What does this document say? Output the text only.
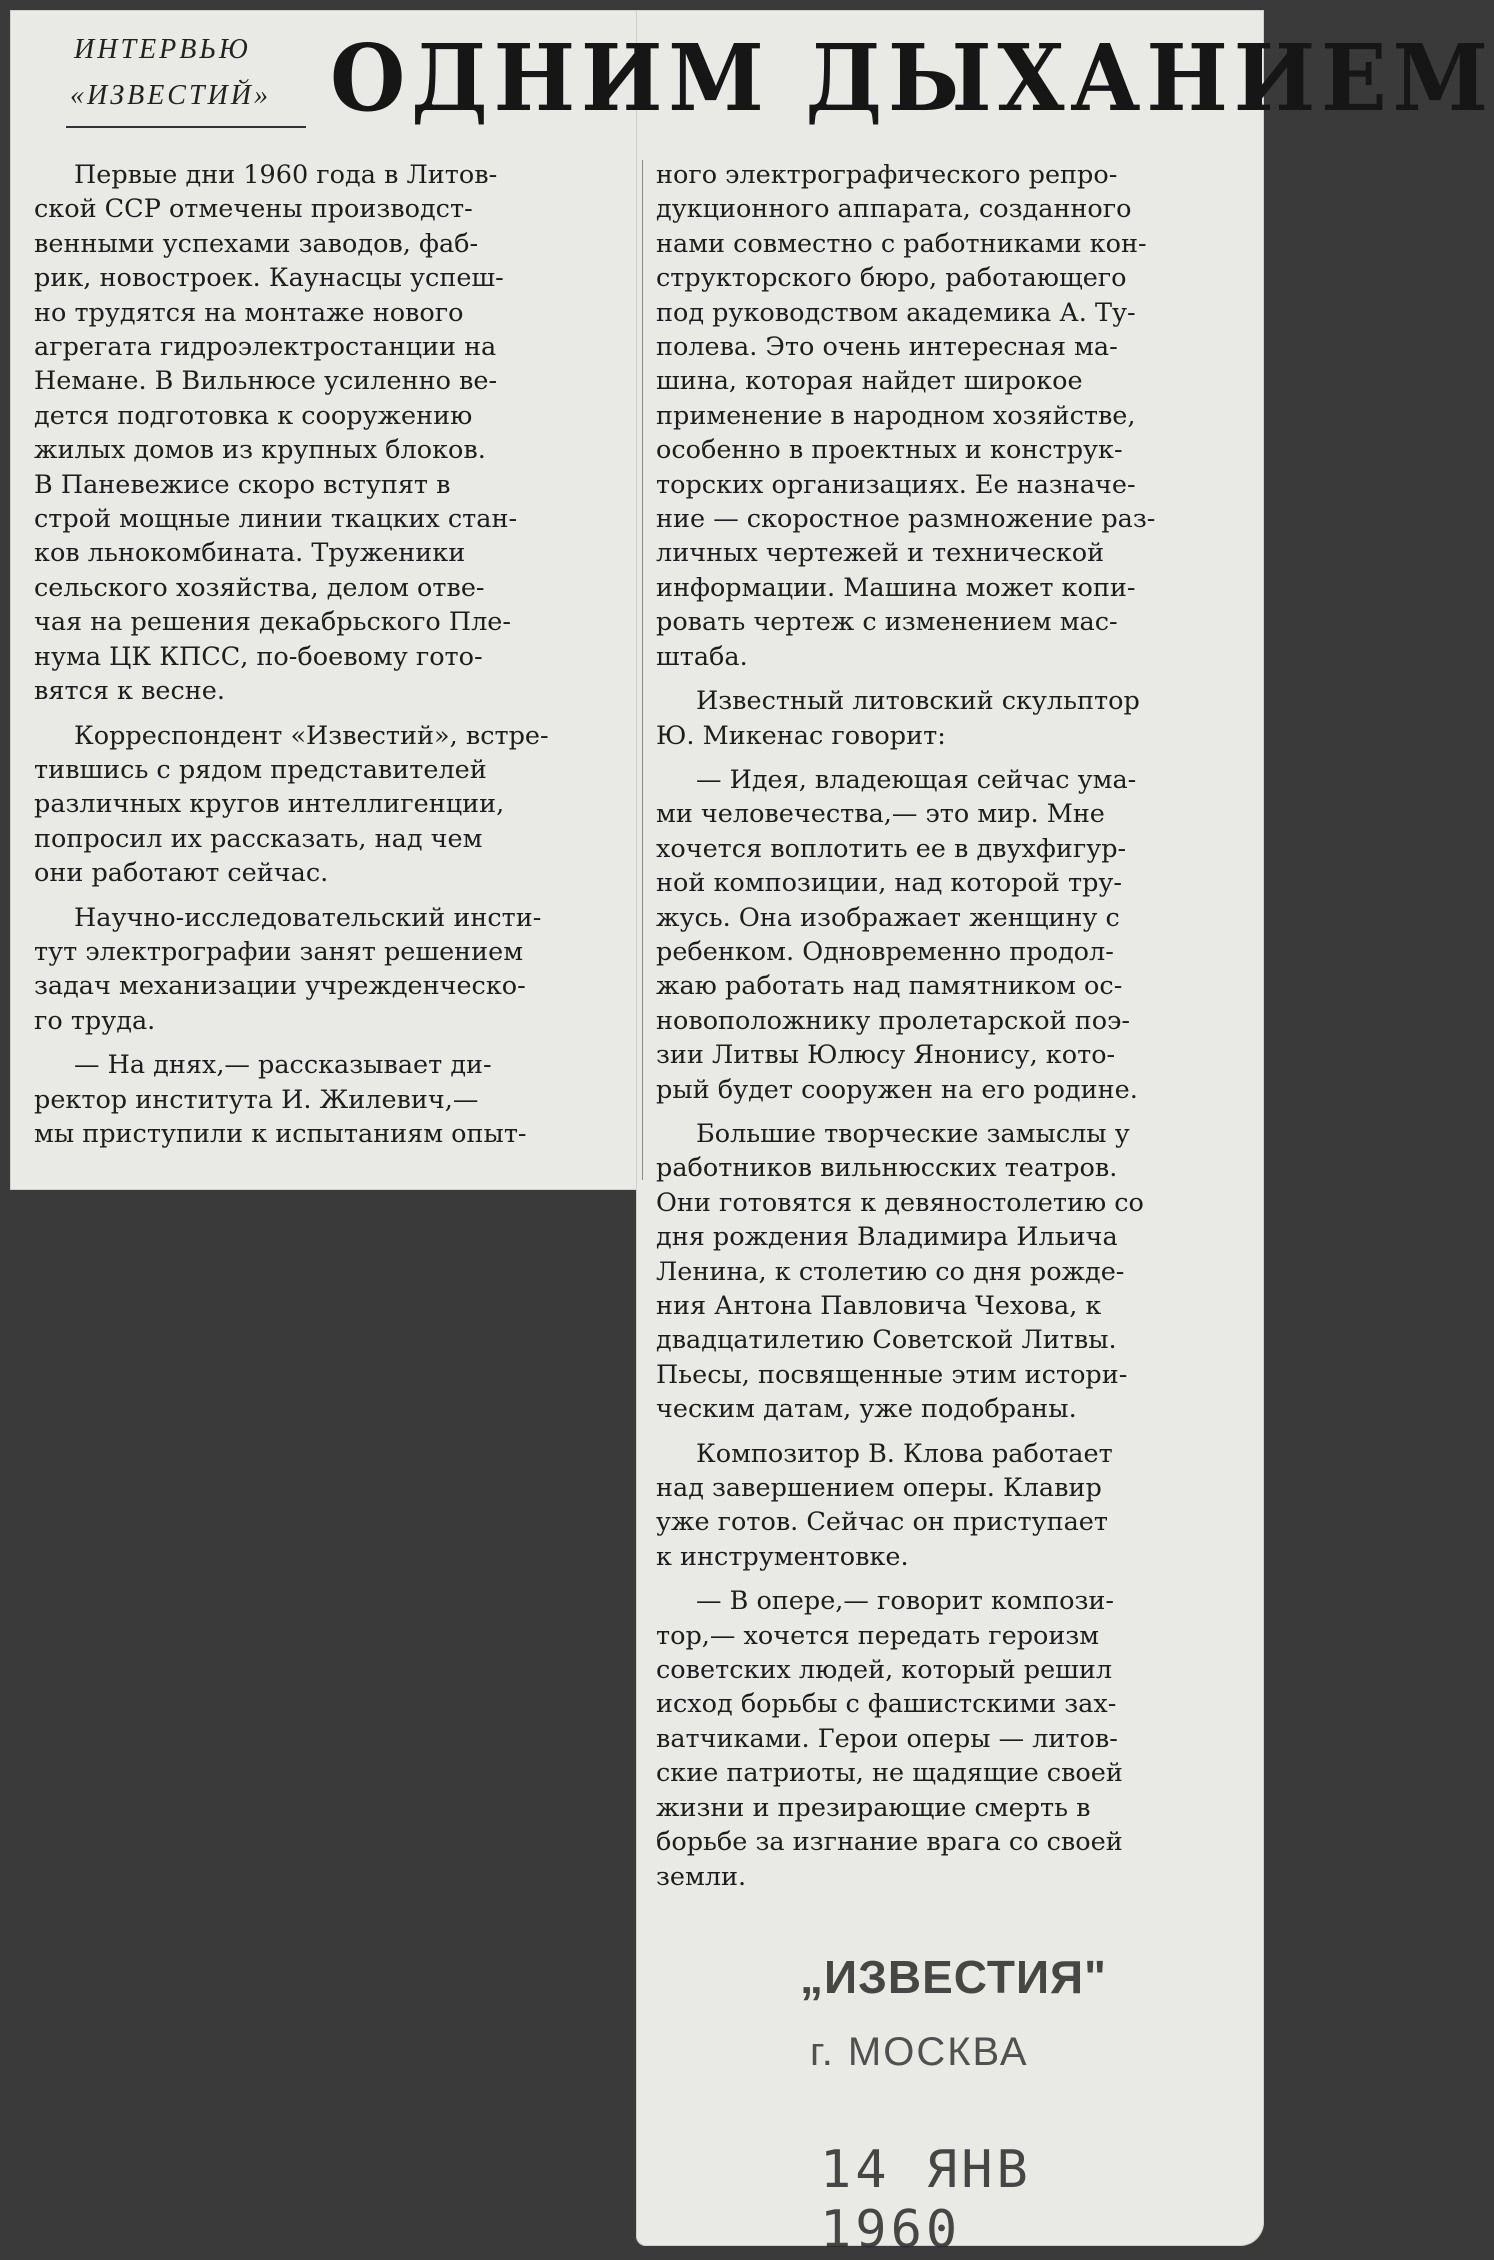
ИНТЕРВЬЮ
«ИЗВЕСТИЙ» ОДНИМ ДЫХАНИЕМ

Первые дни 1960 года в Литов-
ской ССР отмечены производст-
венными успехами заводов, фаб-
рик, новостроек. Каунасцы успеш-
но трудятся на монтаже нового
агрегата гидроэлектростанции на
Немане. В Вильнюсе усиленно ве-
дется подготовка к сооружению
жилых домов из крупных блоков.
В Паневежисе скоро вступят в
строй мощные линии ткацких стан-
ков льнокомбината. Труженики
сельского хозяйства, делом отве-
чая на решения декабрьского Пле-
нума ЦК КПСС, по-боевому гото-
вятся к весне.

Корреспондент «Известий», встре-
тившись с рядом представителей
различных кругов интеллигенции,
попросил их рассказать, над чем
они работают сейчас.

Научно-исследовательский инсти-
тут электрографии занят решением
задач механизации учрежденческо-
го труда.

— На днях,— рассказывает ди-
ректор института И. Жилевич,—
мы приступили к испытаниям опыт-

ного электрографического репро-
дукционного аппарата, созданного
нами совместно с работниками кон-
структорского бюро, работающего
под руководством академика А. Ту-
полева. Это очень интересная ма-
шина, которая найдет широкое
применение в народном хозяйстве,
особенно в проектных и конструк-
торских организациях. Ее назначе-
ние — скоростное размножение раз-
личных чертежей и технической
информации. Машина может копи-
ровать чертеж с изменением мас-
штаба.

Известный литовский скульптор
Ю. Микенас говорит:

— Идея, владеющая сейчас ума-
ми человечества,— это мир. Мне
хочется воплотить ее в двухфигур-
ной композиции, над которой тру-
жусь. Она изображает женщину с
ребенком. Одновременно продол-
жаю работать над памятником ос-
новоположнику пролетарской поэ-
зии Литвы Юлюсу Янонису, кото-
рый будет сооружен на его родине.

Большие творческие замыслы у
работников вильнюсских театров.
Они готовятся к девяностолетию со
дня рождения Владимира Ильича
Ленина, к столетию со дня рожде-
ния Антона Павловича Чехова, к
двадцатилетию Советской Литвы.
Пьесы, посвященные этим истори-
ческим датам, уже подобраны.

Композитор В. Клова работает
над завершением оперы. Клавир
уже готов. Сейчас он приступает
к инструментовке.

— В опере,— говорит компози-
тор,— хочется передать героизм
советских людей, который решил
исход борьбы с фашистскими зах-
ватчиками. Герои оперы — литов-
ские патриоты, не щадящие своей
жизни и презирающие смерть в
борьбе за изгнание врага со своей
земли.

„ИЗВЕСТИЯ"
г. МОСКВА
14 ЯНВ 1960
